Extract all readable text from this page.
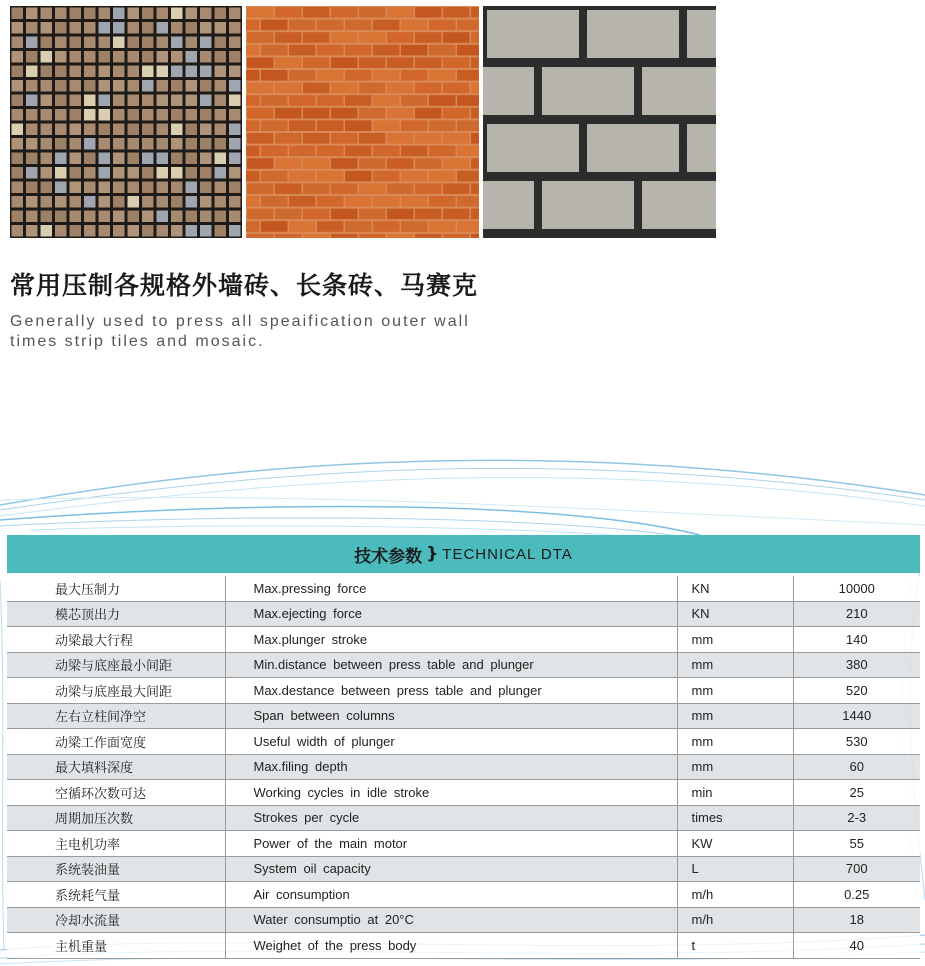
常用压制各规格外墙砖、长条砖、马赛克

Generally used to press all speaification outer wall
times strip tiles and mosaic.

技术参数 } TECHNICAL DTA
最大压制力	Max.pressing force	KN	10000
模芯顶出力	Max.ejecting force	KN	210
动梁最大行程	Max.plunger stroke	mm	140
动梁与底座最小间距	Min.distance between press table and plunger	mm	380
动梁与底座最大间距	Max.destance between press table and plunger	mm	520
左右立柱间净空	Span between columns	mm	1440
动梁工作面宽度	Useful width of plunger	mm	530
最大填料深度	Max.filing depth	mm	60
空循环次数可达	Working cycles in idle stroke	min	25
周期加压次数	Strokes per cycle	times	2-3
主电机功率	Power of the main motor	KW	55
系统装油量	System oil capacity	L	700
系统耗气量	Air consumption	m/h	0.25
冷却水流量	Water consumptio at 20°C	m/h	18
主机重量	Weighet of the press body	t	40
